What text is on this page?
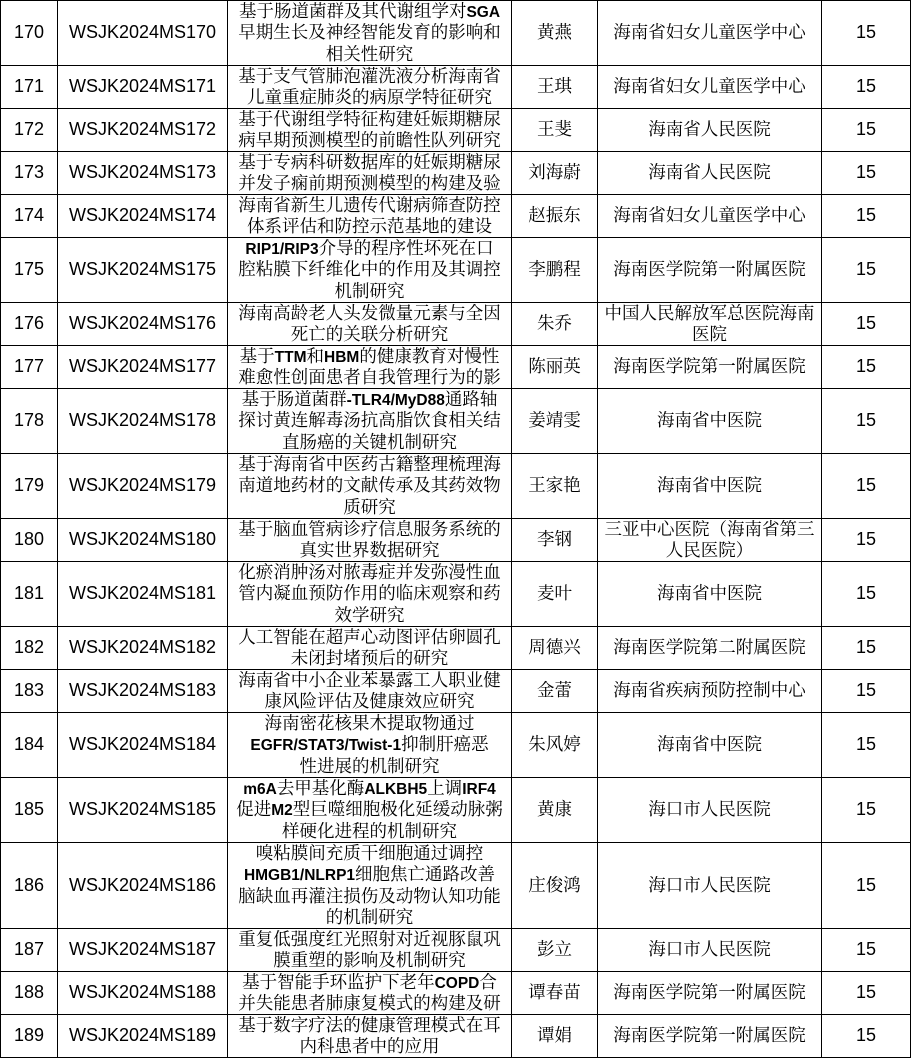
170	WSJK2024MS170
基于肠道菌群及其代谢组学对SGA
早期生长及神经智能发育的影响和
相关性研究
黄燕	海南省妇女儿童医学中心	15
171	WSJK2024MS171
基于支气管肺泡灌洗液分析海南省
儿童重症肺炎的病原学特征研究
王琪	海南省妇女儿童医学中心	15
172	WSJK2024MS172
基于代谢组学特征构建妊娠期糖尿
病早期预测模型的前瞻性队列研究
王斐	海南省人民医院	15
173	WSJK2024MS173
基于专病科研数据库的妊娠期糖尿
并发子痫前期预测模型的构建及验
刘海蔚	海南省人民医院	15
174	WSJK2024MS174
海南省新生儿遗传代谢病筛查防控
体系评估和防控示范基地的建设
赵振东	海南省妇女儿童医学中心	15
175	WSJK2024MS175
RIP1/RIP3介导的程序性坏死在口
腔粘膜下纤维化中的作用及其调控
机制研究
李鹏程	海南医学院第一附属医院	15
176	WSJK2024MS176
海南高龄老人头发微量元素与全因
死亡的关联分析研究
朱乔
中国人民解放军总医院海南
医院
15
177	WSJK2024MS177
基于TTM和HBM的健康教育对慢性
难愈性创面患者自我管理行为的影
陈丽英	海南医学院第一附属医院	15
178	WSJK2024MS178
基于肠道菌群-TLR4/MyD88通路轴
探讨黄连解毒汤抗高脂饮食相关结
直肠癌的关键机制研究
姜靖雯	海南省中医院	15
179	WSJK2024MS179
基于海南省中医药古籍整理梳理海
南道地药材的文献传承及其药效物
质研究
王家艳	海南省中医院	15
180	WSJK2024MS180
基于脑血管病诊疗信息服务系统的
真实世界数据研究
李钢
三亚中心医院（海南省第三
人民医院）
15
181	WSJK2024MS181
化瘀消肿汤对脓毒症并发弥漫性血
管内凝血预防作用的临床观察和药
效学研究
麦叶	海南省中医院	15
182	WSJK2024MS182
人工智能在超声心动图评估卵圆孔
未闭封堵预后的研究
周德兴	海南医学院第二附属医院	15
183	WSJK2024MS183
海南省中小企业苯暴露工人职业健
康风险评估及健康效应研究
金蕾	海南省疾病预防控制中心	15
184	WSJK2024MS184
海南密花核果木提取物通过
EGFR/STAT3/Twist-1抑制肝癌恶
性进展的机制研究
朱风婷	海南省中医院	15
185	WSJK2024MS185
m6A去甲基化酶ALKBH5上调IRF4
促进M2型巨噬细胞极化延缓动脉粥
样硬化进程的机制研究
黄康	海口市人民医院	15
186	WSJK2024MS186
嗅粘膜间充质干细胞通过调控
HMGB1/NLRP1细胞焦亡通路改善
脑缺血再灌注损伤及动物认知功能
的机制研究
庄俊鸿	海口市人民医院	15
187	WSJK2024MS187
重复低强度红光照射对近视豚鼠巩
膜重塑的影响及机制研究
彭立	海口市人民医院	15
188	WSJK2024MS188
基于智能手环监护下老年COPD合
并失能患者肺康复模式的构建及研
谭春苗	海南医学院第一附属医院	15
189	WSJK2024MS189
基于数字疗法的健康管理模式在耳
内科患者中的应用
谭娟	海南医学院第一附属医院	15
